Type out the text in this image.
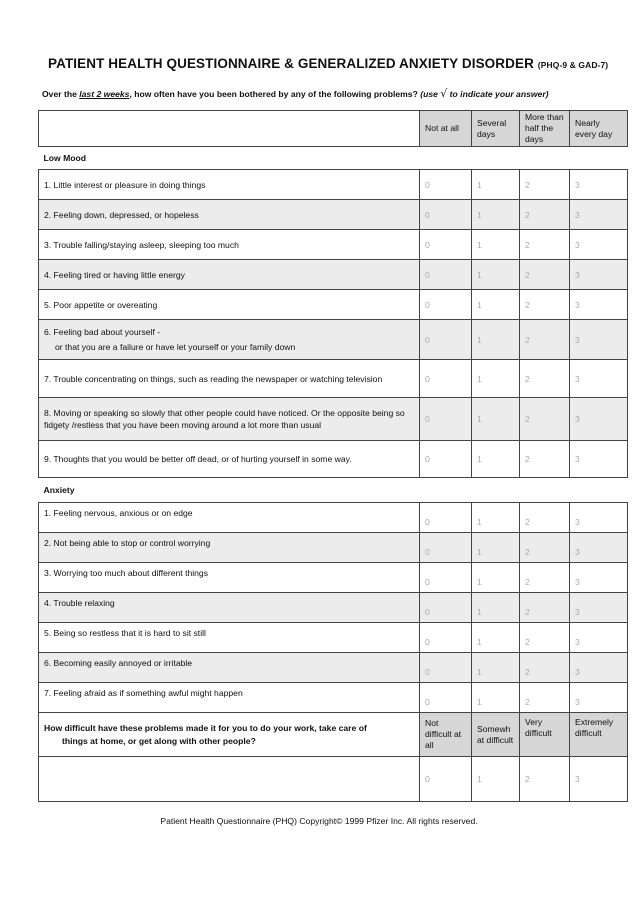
PATIENT HEALTH QUESTIONNAIRE & GENERALIZED ANXIETY DISORDER (PHQ-9 & GAD-7)
Over the last 2 weeks, how often have you been bothered by any of the following problems? (use √ to indicate your answer)
	Not at all	Several days	More than half the days	Nearly every day
Low Mood				
1. Little interest or pleasure in doing things	0	1	2	3
2. Feeling down, depressed, or hopeless	0	1	2	3
3. Trouble falling/staying asleep, sleeping too much	0	1	2	3
4. Feeling tired or having little energy	0	1	2	3
5. Poor appetite or overeating	0	1	2	3

6. Feeling bad about yourself -
or that you are a failure or have let yourself or your family down	0	1	2	3
7. Trouble concentrating on things, such as reading the newspaper or watching television	0	1	2	3
8. Moving or speaking so slowly that other people could have noticed. Or the opposite being so fidgety /restless that you have been moving around a lot more than usual	0	1	2	3
9. Thoughts that you would be better off dead, or of hurting yourself in some way.	0	1	2	3
Anxiety				
1. Feeling nervous, anxious or on edge	0	1	2	3
2. Not being able to stop or control worrying	0	1	2	3
3. Worrying too much about different things	0	1	2	3
4. Trouble relaxing	0	1	2	3
5. Being so restless that it is hard to sit still	0	1	2	3
6. Becoming easily annoyed or irritable	0	1	2	3
7. Feeling afraid as if something awful might happen	0	1	2	3

How difficult have these problems made it for you to do your work, take care of
things at home, or get along with other people?	Not difficult at all	Somewhat difficult	Very difficult	Extremely difficult
	0	1	2	3
Patient Health Questionnaire (PHQ) Copyright© 1999 Pfizer Inc. All rights reserved.
